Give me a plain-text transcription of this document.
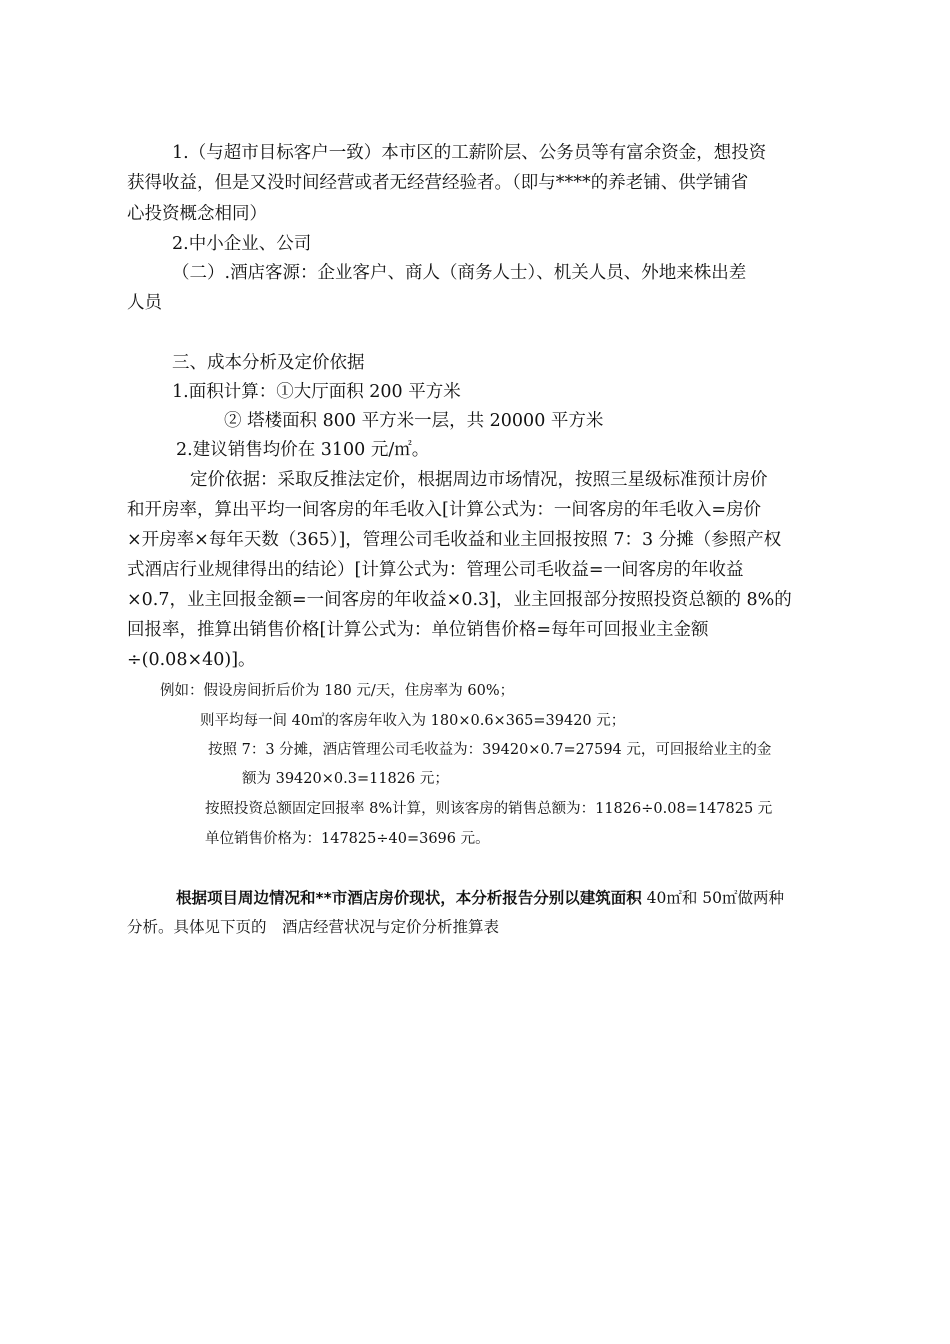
1.（与超市目标客户一致）本市区的工薪阶层、公务员等有富余资金，想投资

获得收益，但是又没时间经营或者无经营经验者。（即与****的养老铺、供学铺省

心投资概念相同）

2.中小企业、公司

（二）.酒店客源：企业客户、商人（商务人士）、机关人员、外地来株出差

人员

三、成本分析及定价依据

1.面积计算：①大厅面积 200 平方米

② 塔楼面积 800 平方米一层，共 20000 平方米

2.建议销售均价在 3100 元/㎡。

定价依据：采取反推法定价，根据周边市场情况，按照三星级标准预计房价

和开房率，算出平均一间客房的年毛收入[计算公式为：一间客房的年毛收入=房价

×开房率×每年天数（365）]，管理公司毛收益和业主回报按照 7：3 分摊（参照产权

式酒店行业规律得出的结论）[计算公式为：管理公司毛收益=一间客房的年收益

×0.7，业主回报金额=一间客房的年收益×0.3]，业主回报部分按照投资总额的 8%的

回报率，推算出销售价格[计算公式为：单位销售价格=每年可回报业主金额

÷(0.08×40)]。

例如：假设房间折后价为 180 元/天，住房率为 60%；

则平均每一间 40㎡的客房年收入为 180×0.6×365=39420 元；

按照 7：3 分摊，酒店管理公司毛收益为：39420×0.7=27594 元，可回报给业主的金

额为 39420×0.3=11826 元；

按照投资总额固定回报率 8%计算，则该客房的销售总额为：11826÷0.08=147825 元

单位销售价格为：147825÷40=3696 元。

根据项目周边情况和**市酒店房价现状，本分析报告分别以建筑面积 40㎡和 50㎡做两种

分析。具体见下页的　酒店经营状况与定价分析推算表
